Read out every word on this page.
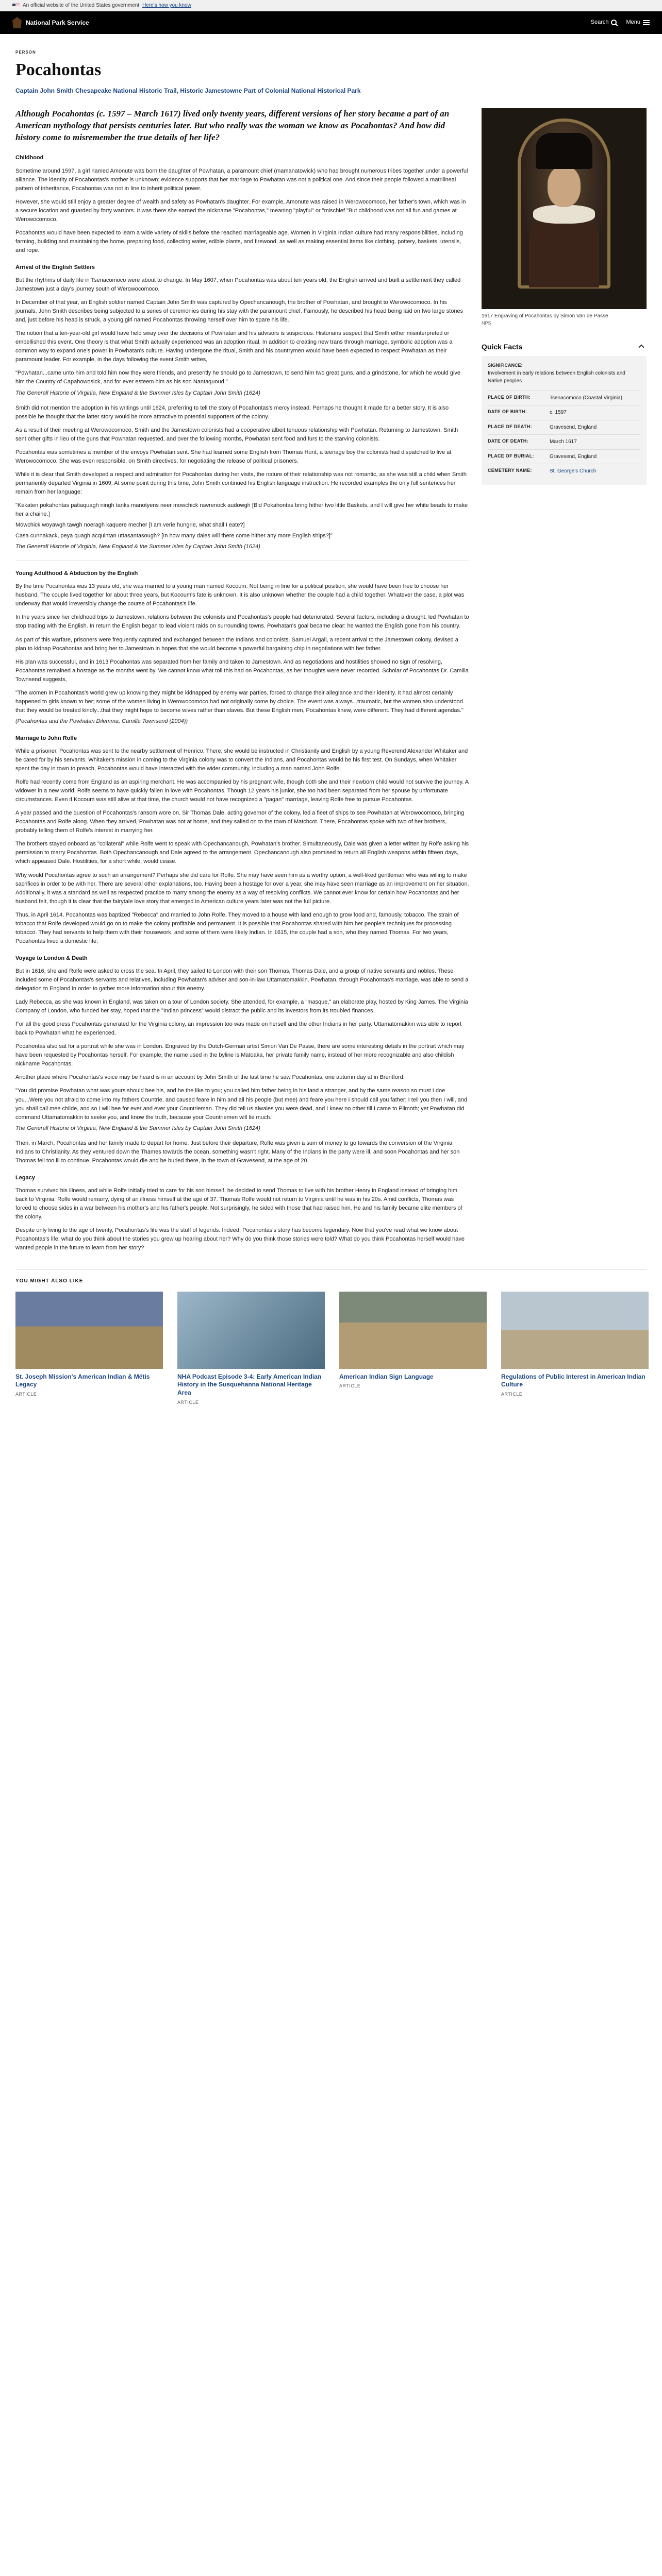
An official website of the United States government Here's how you know
National Park Service	Search	Menu
PERSON
Pocahontas
Captain John Smith Chesapeake National Historic Trail, Historic Jamestowne Part of Colonial National Historical Park

Although Pocahontas (c. 1597 – March 1617) lived only twenty years, different versions of her story became a part of an American mythology that persists centuries later. But who really was the woman we know as Pocahontas? And how did history come to misremember the true details of her life?

Childhood

Sometime around 1597, a girl named Amonute was born the daughter of Powhatan, a paramount chief (mamanatowick) who had brought numerous tribes together under a powerful alliance. The identity of Pocahontas's mother is unknown; evidence supports that her marriage to Powhatan was not a political one. And since their people followed a matrilineal pattern of inheritance, Pocahontas was not in line to inherit political power.

However, she would still enjoy a greater degree of wealth and safety as Powhatan's daughter. For example, Amonute was raised in Werowocomoco, her father's town, which was in a secure location and guarded by forty warriors. It was there she earned the nickname "Pocahontas," meaning "playful" or "mischief."But childhood was not all fun and games at Werowocomoco.

Pocahontas would have been expected to learn a wide variety of skills before she reached marriageable age. Women in Virginia Indian culture had many responsibilities, including farming, building and maintaining the home, preparing food, collecting water, edible plants, and firewood, as well as making essential items like clothing, pottery, baskets, utensils, and rope.

Arrival of the English Settlers

But the rhythms of daily life in Tsenacomoco were about to change. In May 1607, when Pocahontas was about ten years old, the English arrived and built a settlement they called Jamestown just a day's journey south of Werowocomoco.

In December of that year, an English soldier named Captain John Smith was captured by Opechancanough, the brother of Powhatan, and brought to Werowocomoco. In his journals, John Smith describes being subjected to a series of ceremonies during his stay with the paramount chief. Famously, he described his head being laid on two large stones and, just before his head is struck, a young girl named Pocahontas throwing herself over him to spare his life.

The notion that a ten-year-old girl would have held sway over the decisions of Powhatan and his advisors is suspicious. Historians suspect that Smith either misinterpreted or embellished this event. One theory is that what Smith actually experienced was an adoption ritual. In addition to creating new trans through marriage, symbolic adoption was a common way to expand one's power in Powhatan's culture. Having undergone the ritual, Smith and his countrymen would have been expected to respect Powhatan as their paramount leader. For example, in the days following the event Smith writes,

"Powhatan...came unto him and told him now they were friends, and presently he should go to Jamestown, to send him two great guns, and a grindstone, for which he would give him the Country of Capahowosick, and for ever esteem him as his son Nantaquoud."

The Generall Historie of Virginia, New England & the Summer Isles by Captain John Smith (1624)

Smith did not mention the adoption in his writings until 1624, preferring to tell the story of Pocahontas's mercy instead. Perhaps he thought it made for a better story. It is also possible he thought that the latter story would be more attractive to potential supporters of the colony.

As a result of their meeting at Werowocomoco, Smith and the Jamestown colonists had a cooperative albeit tenuous relationship with Powhatan. Returning to Jamestown, Smith sent other gifts in lieu of the guns that Powhatan requested, and over the following months, Powhatan sent food and furs to the starving colonists.

Pocahontas was sometimes a member of the envoys Powhatan sent. She had learned some English from Thomas Hunt, a teenage boy the colonists had dispatched to live at Werowocomoco. She was even responsible, on Smith directives, for negotiating the release of political prisoners.

While it is clear that Smith developed a respect and admiration for Pocahontas during her visits, the nature of their relationship was not romantic, as she was still a child when Smith permanently departed Virginia in 1609. At some point during this time, John Smith continued his English language instruction. He recorded examples the only full sentences her remain from her language:

"Kekaten pokahontas patiaquagh ningh tanks manotyens neer mowchick rawrenock audowgh [Bid Pokahontas bring hither two little Baskets, and I will give her white beads to make her a chaine.]

Mowchick woyawgh tawgh noeragh kaquere mecher [I am verie hungrie, what shall I eate?]

Casa cunnakack, peya quagh acquintan uttasantasough? [In how many daies will there come hither any more English ships?]"

The Generall Historie of Virginia, New England & the Summer Isles by Captain John Smith (1624)

Young Adulthood & Abduction by the English

By the time Pocahontas was 13 years old, she was married to a young man named Kocoum. Not being in line for a political position, she would have been free to choose her husband. The couple lived together for about three years, but Kocoum's fate is unknown. It is also unknown whether the couple had a child together. Whatever the case, a plot was underway that would irreversibly change the course of Pocahontas's life.

In the years since her childhood trips to Jamestown, relations between the colonists and Pocahontas's people had deteriorated. Several factors, including a drought, led Powhatan to stop trading with the English. In return the English began to lead violent raids on surrounding towns. Powhatan's goal became clear: he wanted the English gone from his country.

As part of this warfare, prisoners were frequently captured and exchanged between the Indians and colonists. Samuel Argall, a recent arrival to the Jamestown colony, devised a plan to kidnap Pocahontas and bring her to Jamestown in hopes that she would become a powerful bargaining chip in negotiations with her father.

His plan was successful, and in 1613 Pocahontas was separated from her family and taken to Jamestown. And as negotiations and hostilities showed no sign of resolving, Pocahontas remained a hostage as the months went by. We cannot know what toll this had on Pocahontas, as her thoughts were never recorded. Scholar of Pocahontas Dr. Camilla Townsend suggests,

"The women in Pocahontas's world grew up knowing they might be kidnapped by enemy war parties, forced to change their allegiance and their identity. It had almost certainly happened to girls known to her; some of the women living in Werowocomoco had not originally come by choice. The event was always...traumatic, but the women also understood that they would be treated kindly...that they might hope to become wives rather than slaves. But these English men, Pocahontas knew, were different. They had different agendas."

(Pocahontas and the Powhatan Dilemma, Camilla Townsend (2004))

Marriage to John Rolfe

While a prisoner, Pocahontas was sent to the nearby settlement of Henrico. There, she would be instructed in Christianity and English by a young Reverend Alexander Whitaker and be cared for by his servants. Whitaker's mission in coming to the Virginia colony was to convert the Indians, and Pocahontas would be his first test. On Sundays, when Whitaker spent the day in town to preach, Pocahontas would have interacted with the wider community, including a man named John Rolfe.

Rolfe had recently come from England as an aspiring merchant. He was accompanied by his pregnant wife, though both she and their newborn child would not survive the journey. A widower in a new world, Rolfe seems to have quickly fallen in love with Pocahontas. Though 12 years his junior, she too had been separated from her spouse by unfortunate circumstances. Even if Kocoum was still alive at that time, the church would not have recognized a "pagan" marriage, leaving Rolfe free to pursue Pocahontas.

A year passed and the question of Pocahontas's ransom wore on. Sir Thomas Dale, acting governor of the colony, led a fleet of ships to see Powhatan at Werowocomoco, bringing Pocahontas and Rolfe along. When they arrived, Powhatan was not at home, and they sailed on to the town of Matchcot. There, Pocahontas spoke with two of her brothers, probably telling them of Rolfe's interest in marrying her.

The brothers stayed onboard as "collateral" while Rolfe went to speak with Opechancanough, Powhatan's brother. Simultaneously, Dale was given a letter written by Rolfe asking his permission to marry Pocahontas. Both Opechancanough and Dale agreed to the arrangement. Opechancanough also promised to return all English weapons within fifteen days, which appeased Dale. Hostilities, for a short while, would cease.

Why would Pocahontas agree to such an arrangement? Perhaps she did care for Rolfe. She may have seen him as a worthy option, a well-liked gentleman who was willing to make sacrifices in order to be with her. There are several other explanations, too. Having been a hostage for over a year, she may have seen marriage as an improvement on her situation. Additionally, it was a standard as well as respected practice to marry among the enemy as a way of resolving conflicts. We cannot ever know for certain how Pocahontas and her husband felt, though it is clear that the fairytale love story that emerged in American culture years later was not the full picture.

Thus, in April 1614, Pocahontas was baptized "Rebecca" and married to John Rolfe. They moved to a house with land enough to grow food and, famously, tobacco. The strain of tobacco that Rolfe developed would go on to make the colony profitable and permanent. It is possible that Pocahontas shared with him her people's techniques for processing tobacco. They had servants to help them with their housework, and some of them were likely Indian. In 1615, the couple had a son, who they named Thomas. For two years, Pocahontas lived a domestic life.

Voyage to London & Death

But in 1616, she and Rolfe were asked to cross the sea. In April, they sailed to London with their son Thomas, Thomas Dale, and a group of native servants and nobles. These included some of Pocahontas's servants and relatives, including Powhatan's adviser and son-in-law Uttamatomakkin. Powhatan, through Pocahontas's marriage, was able to send a delegation to England in order to gather more information about this enemy.

Lady Rebecca, as she was known in England, was taken on a tour of London society. She attended, for example, a "masque," an elaborate play, hosted by King James. The Virginia Company of London, who funded her stay, hoped that the "Indian princess" would distract the public and its investors from its troubled finances.

For all the good press Pocahontas generated for the Virginia colony, an impression too was made on herself and the other Indians in her party. Uttamatomakkin was able to report back to Powhatan what he experienced.

Pocahontas also sat for a portrait while she was in London. Engraved by the Dutch-German artist Simon Van De Passe, there are some interesting details in the portrait which may have been requested by Pocahontas herself. For example, the name used in the byline is Matoaka, her private family name, instead of her more recognizable and also childish nickname Pocahontas.

Another place where Pocahontas's voice may be heard is in an account by John Smith of the last time he saw Pocahontas, one autumn day at in Brentford:

"You did promise Powhatan what was yours should bee his, and he the like to you; you called him father being in his land a stranger, and by the same reason so must I doe you...Were you not afraid to come into my fathers Countrie, and caused feare in him and all his people (but mee) and feare you here I should call you father; I tell you then I will, and you shall call mee childe, and so I will bee for ever and ever your Countrieman. They did tell us alwaies you were dead, and I knew no other till I came to Plimoth; yet Powhatan did command Uttamatomakkin to seeke you, and know the truth, because your Countriemen will lie much."

The Generall Historie of Virginia, New England & the Summer Isles by Captain John Smith (1624)

Then, in March, Pocahontas and her family made to depart for home. Just before their departure, Rolfe was given a sum of money to go towards the conversion of the Virginia Indians to Christianity. As they ventured down the Thames towards the ocean, something wasn't right. Many of the Indians in the party were ill, and soon Pocahontas and her son Thomas fell too ill to continue. Pocahontas would die and be buried there, in the town of Gravesend, at the age of 20.

Legacy

Thomas survived his illness, and while Rolfe initially tried to care for his son himself, he decided to send Thomas to live with his brother Henry in England instead of bringing him back to Virginia. Rolfe would remarry, dying of an illness himself at the age of 37. Thomas Rolfe would not return to Virginia until he was in his 20s. Amid conflicts, Thomas was forced to choose sides in a war between his mother's and his father's people. Not surprisingly, he sided with those that had raised him. He and his family became elite members of the colony.

Despite only living to the age of twenty, Pocahontas's life was the stuff of legends. Indeed, Pocahontas's story has become legendary. Now that you've read what we know about Pocahontas's life, what do you think about the stories you grew up hearing about her? Why do you think those stories were told? What do you think Pocahontas herself would have wanted people in the future to learn from her story?

1617 Engraving of Pocahontas by Simon Van de Passe
NPS
Quick Facts
SIGNIFICANCE:
Involvement in early relations between English colonists and Native peoples
PLACE OF BIRTH:	Tsenacomoco (Coastal Virginia)
DATE OF BIRTH:	c. 1597
PLACE OF DEATH:	Gravesend, England
DATE OF DEATH:	March 1617
PLACE OF BURIAL:	Gravesend, England
CEMETERY NAME:	St. George's Church
YOU MIGHT ALSO LIKE
St. Joseph Mission's American Indian & Métis Legacy
ARTICLE
NHA Podcast Episode 3-4: Early American Indian History in the Susquehanna National Heritage Area
ARTICLE
American Indian Sign Language
ARTICLE
Regulations of Public Interest in American Indian Culture
ARTICLE
